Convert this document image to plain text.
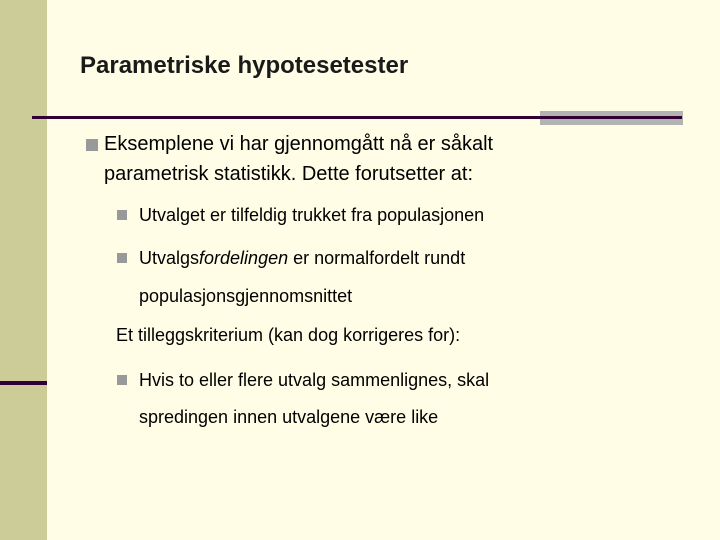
Parametriske hypotesetester
Eksemplene vi har gjennomgått nå er såkalt
parametrisk statistikk. Dette forutsetter at:
Utvalget er tilfeldig trukket fra populasjonen
Utvalgsfordelingen er normalfordelt rundt
populasjonsgjennomsnittet
Et tilleggskriterium (kan dog korrigeres for):
Hvis to eller flere utvalg sammenlignes, skal
spredingen innen utvalgene være like
